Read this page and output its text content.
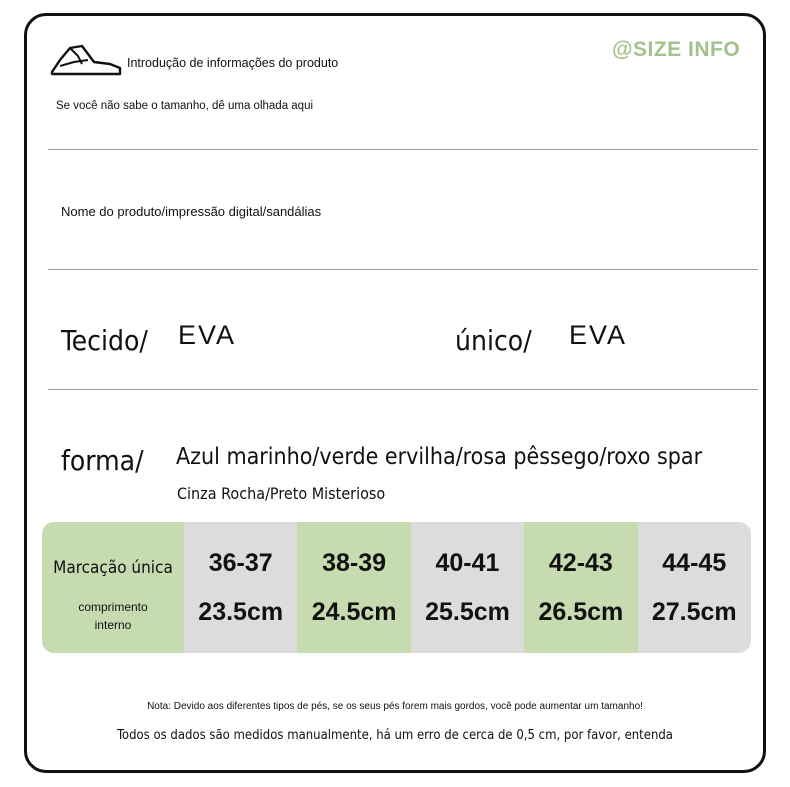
Introdução de informações do produto
@SIZE INFO
Se você não sabe o tamanho, dê uma olhada aqui
Nome do produto/impressão digital/sandálias
Tecido/ EVA	único/ EVA
forma/ Azul marinho/verde ervilha/rosa pêssego/roxo spar
Cinza Rocha/Preto Misterioso
Marcação única
comprimento
interno
36-37
23.5cm
38-39
24.5cm
40-41
25.5cm
42-43
26.5cm
44-45
27.5cm
Nota: Devido aos diferentes tipos de pés, se os seus pés forem mais gordos, você pode aumentar um tamanho!
Todos os dados são medidos manualmente, há um erro de cerca de 0,5 cm, por favor, entenda
